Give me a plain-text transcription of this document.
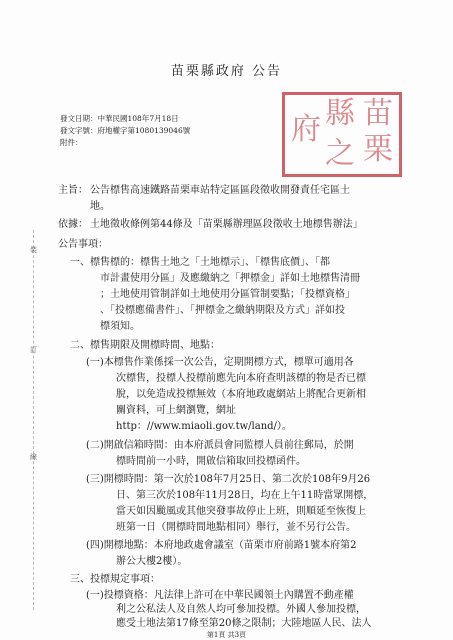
苗栗縣政府 公告
發文日期：中華民國108年7月18日
發文字號：府地權字第1080139046號
附件：	府 縣 苗
之 栗
裝
訂
線
主旨： 公告標售高速鐵路苗栗車站特定區區段徵收開發責任宅區土
地。
依據： 土地徵收條例第44條及「苗栗縣辦理區段徵收土地標售辦法」
公告事項：
一、標售標的：標售土地之「土地標示」、「標售底價」、「都
市計畫使用分區」及應繳納之「押標金」詳如土地標售清冊
；土地使用管制詳如土地使用分區管制要點；「投標資格」
、「投標應備書件」、「押標金之繳納期限及方式」詳如投
標須知。
二、標售期限及開標時間、地點：
(一)本標售作業係採一次公告，定期開標方式，標單可適用各
次標售，投標人投標前應先向本府查明該標的物是否已標
脫，以免造成投標無效（本府地政處網站上將配合更新相
關資料，可上網瀏覽，網址
http：//www.miaoli.gov.tw/land/）。
(二)開啟信箱時間：由本府派員會同監標人員前往郵局，於開
標時間前一小時，開啟信箱取回投標函件。
(三)開標時間：第一次於108年7月25日、第二次於108年9月26
日、第三次於108年11月28日，均在上午11時當眾開標，
當天如因颱風或其他突發事故停止上班，則順延至恢復上
班第一日（開標時間地點相同）舉行，並不另行公告。
(四)開標地點：本府地政處會議室（苗栗市府前路1號本府第2
辦公大樓2樓）。
三、投標規定事項：
(一)投標資格：凡法律上許可在中華民國領土內購置不動產權
利之公私法人及自然人均可參加投標。外國人參加投標，
應受土地法第17條至第20條之限制；大陸地區人民、法人
第1頁 共3頁
